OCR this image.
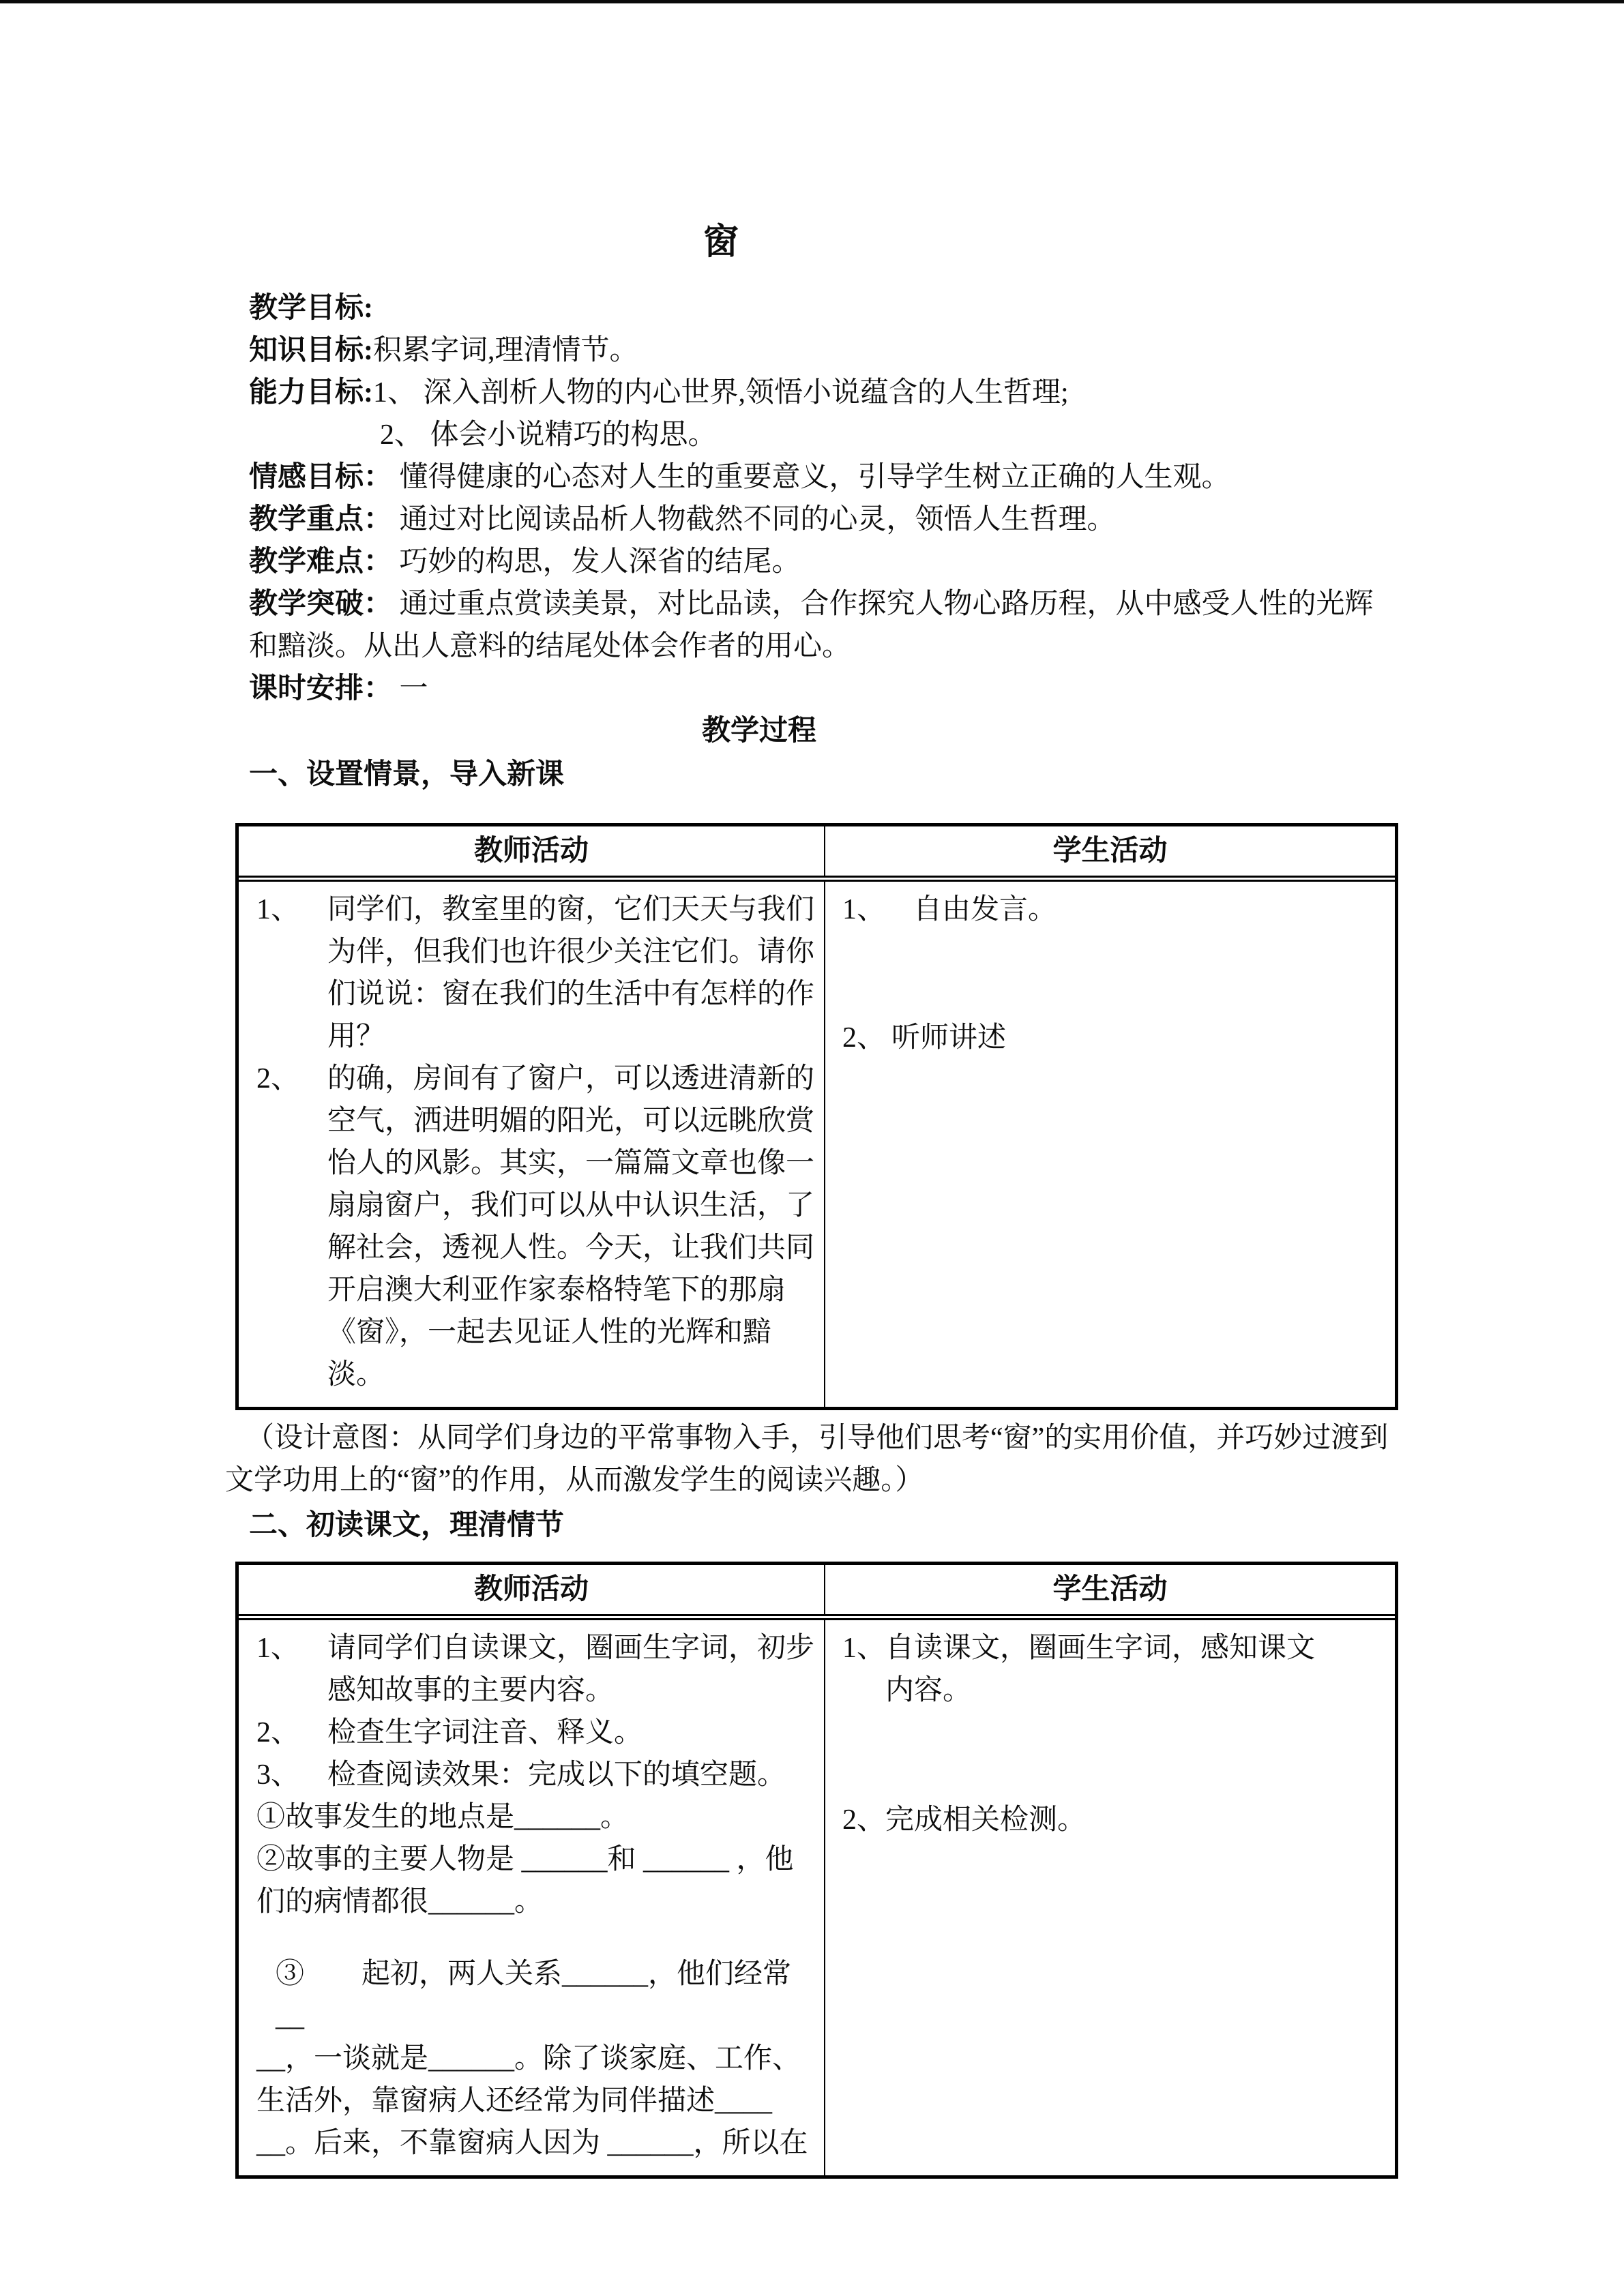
窗
教学目标:
知识目标:积累字词,理清情节。
能力目标:1、 深入剖析人物的内心世界,领悟小说蕴含的人生哲理;
2、 体会小说精巧的构思。
情感目标： 懂得健康的心态对人生的重要意义，引导学生树立正确的人生观。
教学重点： 通过对比阅读品析人物截然不同的心灵，领悟人生哲理。
教学难点： 巧妙的构思，发人深省的结尾。
教学突破： 通过重点赏读美景，对比品读，合作探究人物心路历程，从中感受人性的光辉和黯淡。从出人意料的结尾处体会作者的用心。
课时安排： 一
教学过程
一、设置情景，导入新课
教师活动	学生活动
1、 同学们，教室里的窗，它们天天与我们为伴，但我们也许很少关注它们。请你们说说：窗在我们的生活中有怎样的作用？
2、 的确，房间有了窗户，可以透进清新的空气，洒进明媚的阳光，可以远眺欣赏怡人的风影。其实，一篇篇文章也像一扇扇窗户，我们可以从中认识生活，了解社会，透视人性。今天，让我们共同开启澳大利亚作家泰格特笔下的那扇《窗》，一起去见证人性的光辉和黯淡。
1、 自由发言。
2、 听师讲述

（设计意图：从同学们身边的平常事物入手，引导他们思考“窗”的实用价值，并巧妙过渡到文学功用上的“窗”的作用，从而激发学生的阅读兴趣。）

二、初读课文，理清情节
教师活动	学生活动
1、 请同学们自读课文，圈画生字词，初步感知故事的主要内容。
2、 检查生字词注音、释义。
3、 检查阅读效果：完成以下的填空题。
①故事发生的地点是______。
②故事的主要人物是 ______和 ______ ，他们的病情都很______。
③　　起初，两人关系______，他们经常__
__，一谈就是______。除了谈家庭、工作、
生活外，靠窗病人还经常为同伴描述____
__。后来，不靠窗病人因为 ______，所以在
1、 自读课文，圈画生字词，感知课文内容。
2、 完成相关检测。
